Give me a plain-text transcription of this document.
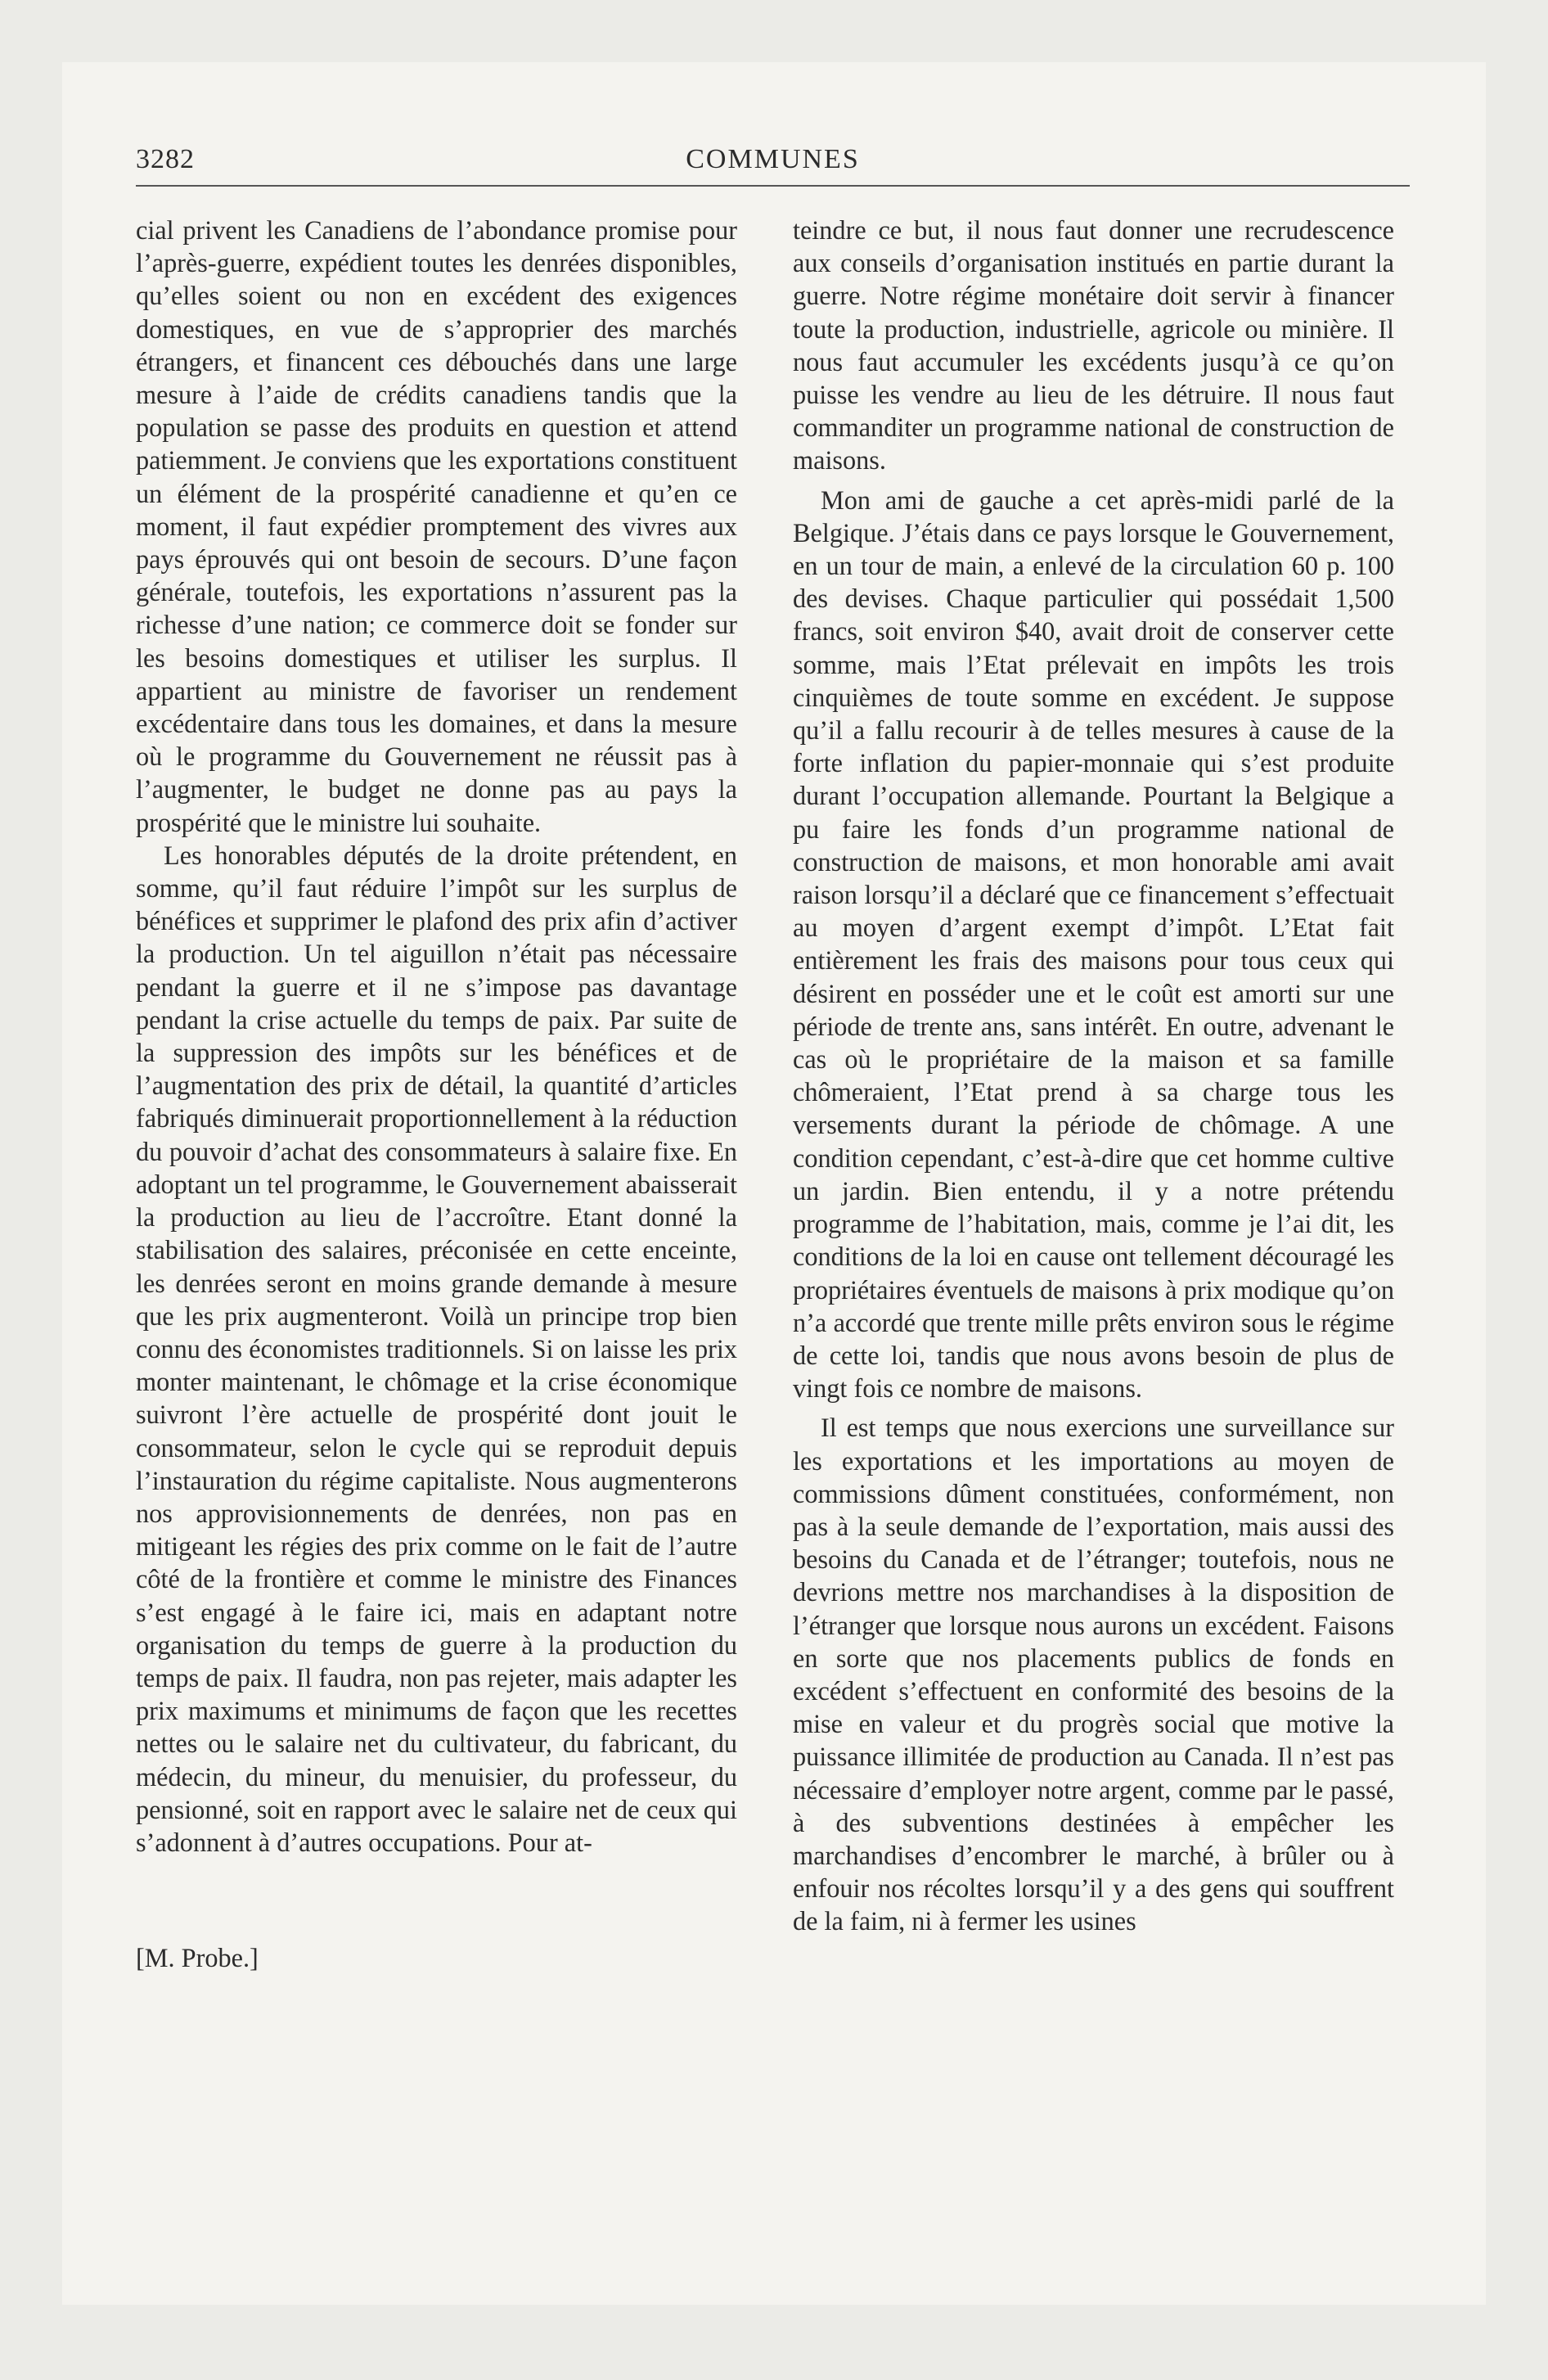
3282	COMMUNES

cial privent les Canadiens de l’abondance promise pour l’après-guerre, expédient toutes les denrées disponibles, qu’elles soient ou non en excédent des exigences domestiques, en vue de s’approprier des marchés étrangers, et financent ces débouchés dans une large mesure à l’aide de crédits canadiens tandis que la population se passe des produits en question et attend patiemment. Je conviens que les exportations constituent un élément de la prospérité canadienne et qu’en ce moment, il faut expédier promptement des vivres aux pays éprouvés qui ont besoin de secours. D’une façon générale, toutefois, les exportations n’assurent pas la richesse d’une nation; ce commerce doit se fonder sur les besoins domestiques et utiliser les surplus. Il appartient au ministre de favoriser un rendement excédentaire dans tous les domaines, et dans la mesure où le programme du Gouvernement ne réussit pas à l’augmenter, le budget ne donne pas au pays la prospérité que le ministre lui souhaite.

Les honorables députés de la droite prétendent, en somme, qu’il faut réduire l’impôt sur les surplus de bénéfices et supprimer le plafond des prix afin d’activer la production. Un tel aiguillon n’était pas nécessaire pendant la guerre et il ne s’impose pas davantage pendant la crise actuelle du temps de paix. Par suite de la suppression des impôts sur les bénéfices et de l’augmentation des prix de détail, la quantité d’articles fabriqués diminuerait proportionnellement à la réduction du pouvoir d’achat des consommateurs à salaire fixe. En adoptant un tel programme, le Gouvernement abaisserait la production au lieu de l’accroître. Etant donné la stabilisation des salaires, préconisée en cette enceinte, les denrées seront en moins grande demande à mesure que les prix augmenteront. Voilà un principe trop bien connu des économistes traditionnels. Si on laisse les prix monter maintenant, le chômage et la crise économique suivront l’ère actuelle de prospérité dont jouit le consommateur, selon le cycle qui se reproduit depuis l’instauration du régime capitaliste. Nous augmenterons nos approvisionnements de denrées, non pas en mitigeant les régies des prix comme on le fait de l’autre côté de la frontière et comme le ministre des Finances s’est engagé à le faire ici, mais en adaptant notre organisation du temps de guerre à la production du temps de paix. Il faudra, non pas rejeter, mais adapter les prix maximums et minimums de façon que les recettes nettes ou le salaire net du cultivateur, du fabricant, du médecin, du mineur, du menuisier, du professeur, du pensionné, soit en rapport avec le salaire net de ceux qui s’adonnent à d’autres occupations. Pour at-

[M. Probe.]

teindre ce but, il nous faut donner une recrudescence aux conseils d’organisation institués en partie durant la guerre. Notre régime monétaire doit servir à financer toute la production, industrielle, agricole ou minière. Il nous faut accumuler les excédents jusqu’à ce qu’on puisse les vendre au lieu de les détruire. Il nous faut commanditer un programme national de construction de maisons.

Mon ami de gauche a cet après-midi parlé de la Belgique. J’étais dans ce pays lorsque le Gouvernement, en un tour de main, a enlevé de la circulation 60 p. 100 des devises. Chaque particulier qui possédait 1,500 francs, soit environ $40, avait droit de conserver cette somme, mais l’Etat prélevait en impôts les trois cinquièmes de toute somme en excédent. Je suppose qu’il a fallu recourir à de telles mesures à cause de la forte inflation du papier-monnaie qui s’est produite durant l’occupation allemande. Pourtant la Belgique a pu faire les fonds d’un programme national de construction de maisons, et mon honorable ami avait raison lorsqu’il a déclaré que ce financement s’effectuait au moyen d’argent exempt d’impôt. L’Etat fait entièrement les frais des maisons pour tous ceux qui désirent en posséder une et le coût est amorti sur une période de trente ans, sans intérêt. En outre, advenant le cas où le propriétaire de la maison et sa famille chômeraient, l’Etat prend à sa charge tous les versements durant la période de chômage. A une condition cependant, c’est-à-dire que cet homme cultive un jardin. Bien entendu, il y a notre prétendu programme de l’habitation, mais, comme je l’ai dit, les conditions de la loi en cause ont tellement découragé les propriétaires éventuels de maisons à prix modique qu’on n’a accordé que trente mille prêts environ sous le régime de cette loi, tandis que nous avons besoin de plus de vingt fois ce nombre de maisons.

Il est temps que nous exercions une surveillance sur les exportations et les importations au moyen de commissions dûment constituées, conformément, non pas à la seule demande de l’exportation, mais aussi des besoins du Canada et de l’étranger; toutefois, nous ne devrions mettre nos marchandises à la disposition de l’étranger que lorsque nous aurons un excédent. Faisons en sorte que nos placements publics de fonds en excédent s’effectuent en conformité des besoins de la mise en valeur et du progrès social que motive la puissance illimitée de production au Canada. Il n’est pas nécessaire d’employer notre argent, comme par le passé, à des subventions destinées à empêcher les marchandises d’encombrer le marché, à brûler ou à enfouir nos récoltes lorsqu’il y a des gens qui souffrent de la faim, ni à fermer les usines
